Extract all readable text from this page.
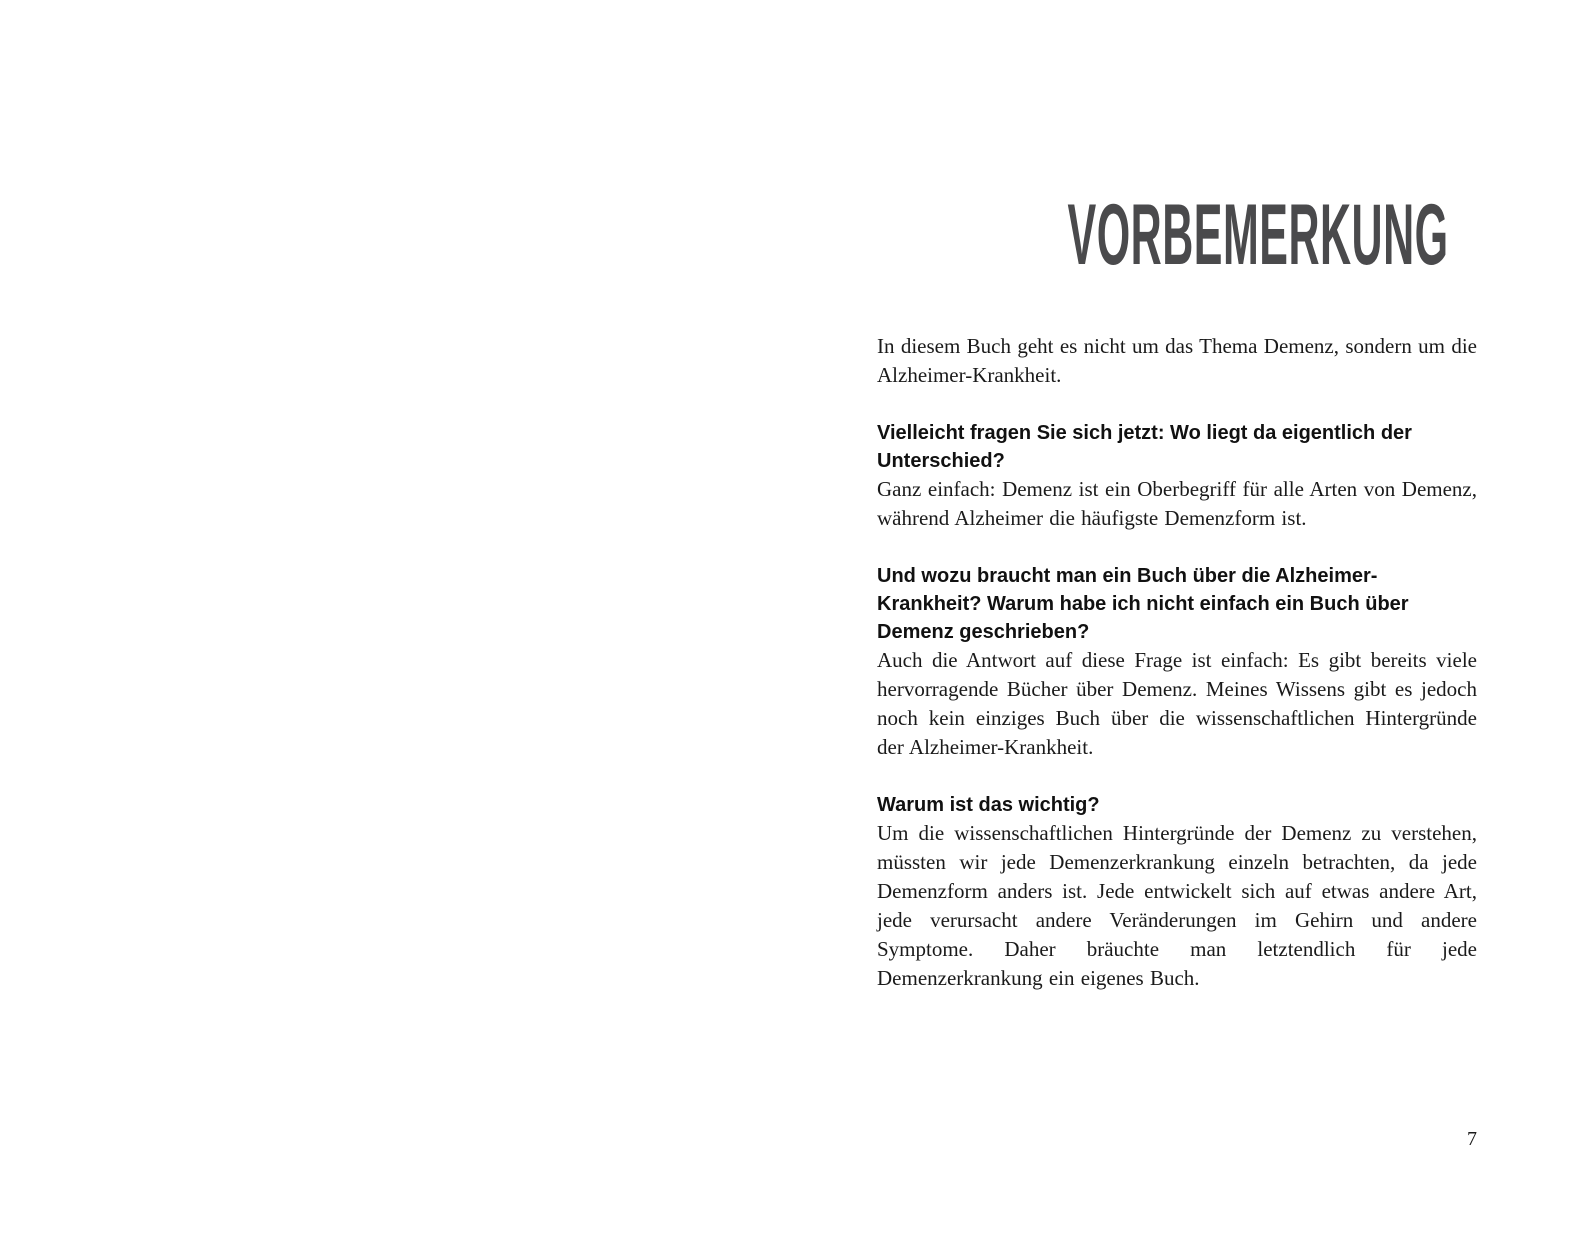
VORBEMERKUNG

In diesem Buch geht es nicht um das Thema Demenz, sondern um die Alzheimer-Krankheit.

Vielleicht fragen Sie sich jetzt: Wo liegt da eigentlich der Unterschied?

Ganz einfach: Demenz ist ein Oberbegriff für alle Arten von Demenz, während Alzheimer die häufigste Demenzform ist.

Und wozu braucht man ein Buch über die Alzheimer-Krankheit? Warum habe ich nicht einfach ein Buch über Demenz geschrieben?

Auch die Antwort auf diese Frage ist einfach: Es gibt bereits viele hervorragende Bücher über Demenz. Meines Wissens gibt es jedoch noch kein einziges Buch über die wissenschaftlichen Hintergründe der Alzheimer-Krankheit.

Warum ist das wichtig?

Um die wissenschaftlichen Hintergründe der Demenz zu verstehen, müssten wir jede Demenzerkrankung einzeln betrachten, da jede Demenzform anders ist. Jede entwickelt sich auf etwas andere Art, jede verursacht andere Veränderungen im Gehirn und andere Symptome. Daher bräuchte man letztendlich für jede Demenzerkrankung ein eigenes Buch.

7
